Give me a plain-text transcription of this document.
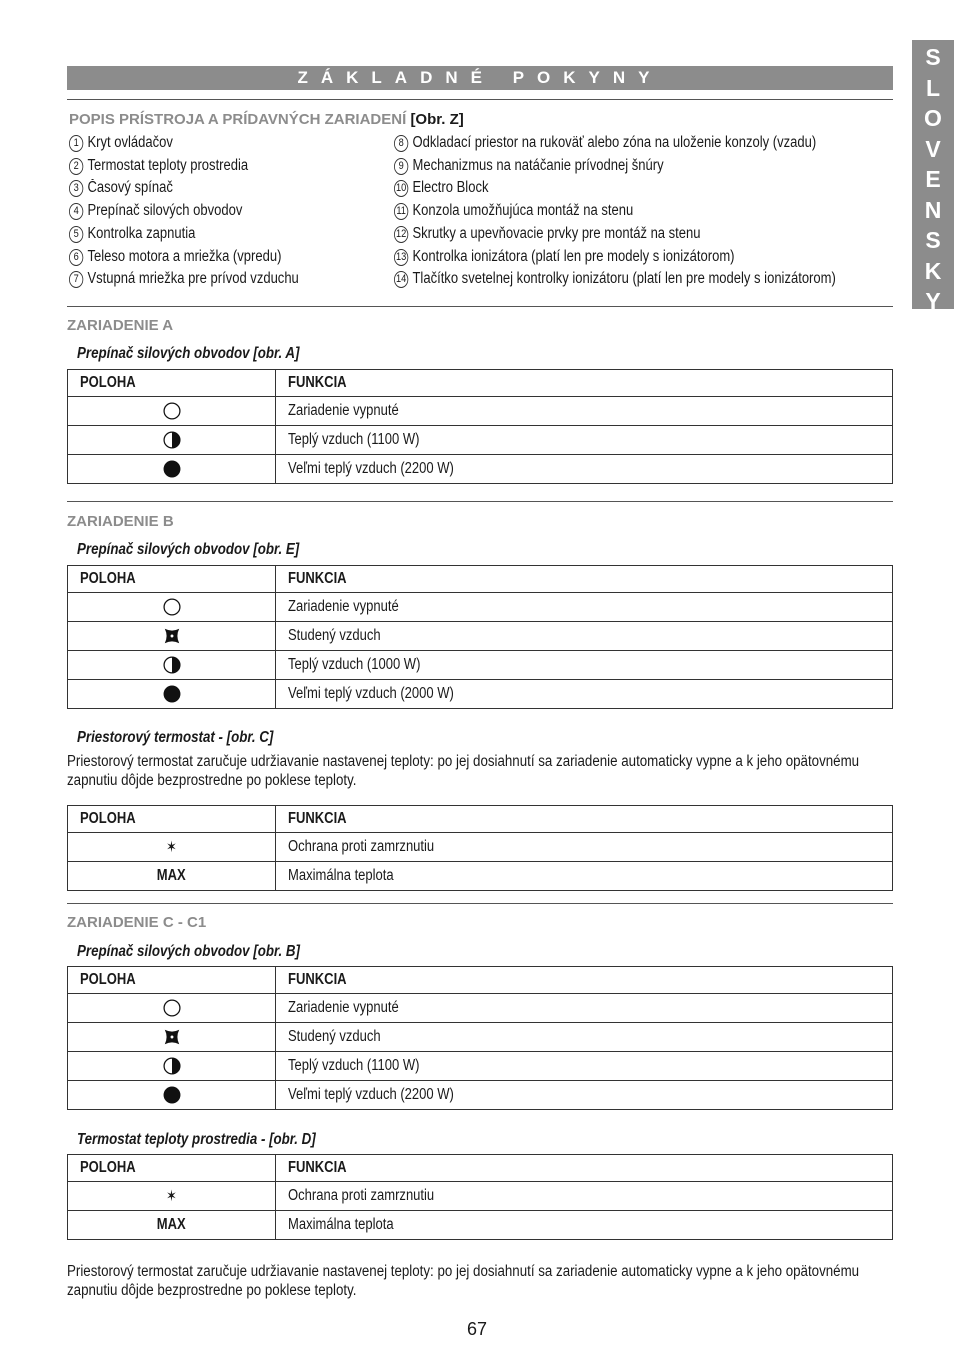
S
L
O
V
E
N
S
K
Y
ZÁKLADNÉ POKYNY
POPIS PRÍSTROJA A PRÍDAVNÝCH ZARIADENÍ [Obr. Z]
1 Kryt ovládačov
2 Termostat teploty prostredia
3 Časový spínač
4 Prepínač silových obvodov
5 Kontrolka zapnutia
6 Teleso motora a mriežka (vpredu)
7 Vstupná mriežka pre prívod vzduchu
8 Odkladací priestor na rukoväť alebo zóna na uloženie konzoly (vzadu)
9 Mechanizmus na natáčanie prívodnej šnúry
10 Electro Block
11 Konzola umožňujúca montáž na stenu
12 Skrutky a upevňovacie prvky pre montáž na stenu
13 Kontrolka ionizátora (platí len pre modely s ionizátorom)
14 Tlačítko svetelnej kontrolky ionizátoru (platí len pre modely s ionizátorom)
ZARIADENIE A
Prepínač silových obvodov [obr. A]
POLOHA	FUNKCIA
	Zariadenie vypnuté
	Teplý vzduch (1100 W)
	Veľmi teplý vzduch (2200 W)
ZARIADENIE B
Prepínač silových obvodov [obr. E]
POLOHA	FUNKCIA
	Zariadenie vypnuté
	Studený vzduch
	Teplý vzduch (1000 W)
	Veľmi teplý vzduch (2000 W)
Priestorový termostat - [obr. C]
Priestorový termostat zaručuje udržiavanie nastavenej teploty: po jej dosiahnutí sa zariadenie automaticky vypne a k jeho opätovnému zapnutiu dôjde bezprostredne po poklese teploty.
POLOHA	FUNKCIA
✶	Ochrana proti zamrznutiu
MAX	Maximálna teplota
ZARIADENIE C - C1
Prepínač silových obvodov [obr. B]
POLOHA	FUNKCIA
	Zariadenie vypnuté
	Studený vzduch
	Teplý vzduch (1100 W)
	Veľmi teplý vzduch (2200 W)
Termostat teploty prostredia - [obr. D]
POLOHA	FUNKCIA
✶	Ochrana proti zamrznutiu
MAX	Maximálna teplota
Priestorový termostat zaručuje udržiavanie nastavenej teploty: po jej dosiahnutí sa zariadenie automaticky vypne a k jeho opätovnému zapnutiu dôjde bezprostredne po poklese teploty.
67
